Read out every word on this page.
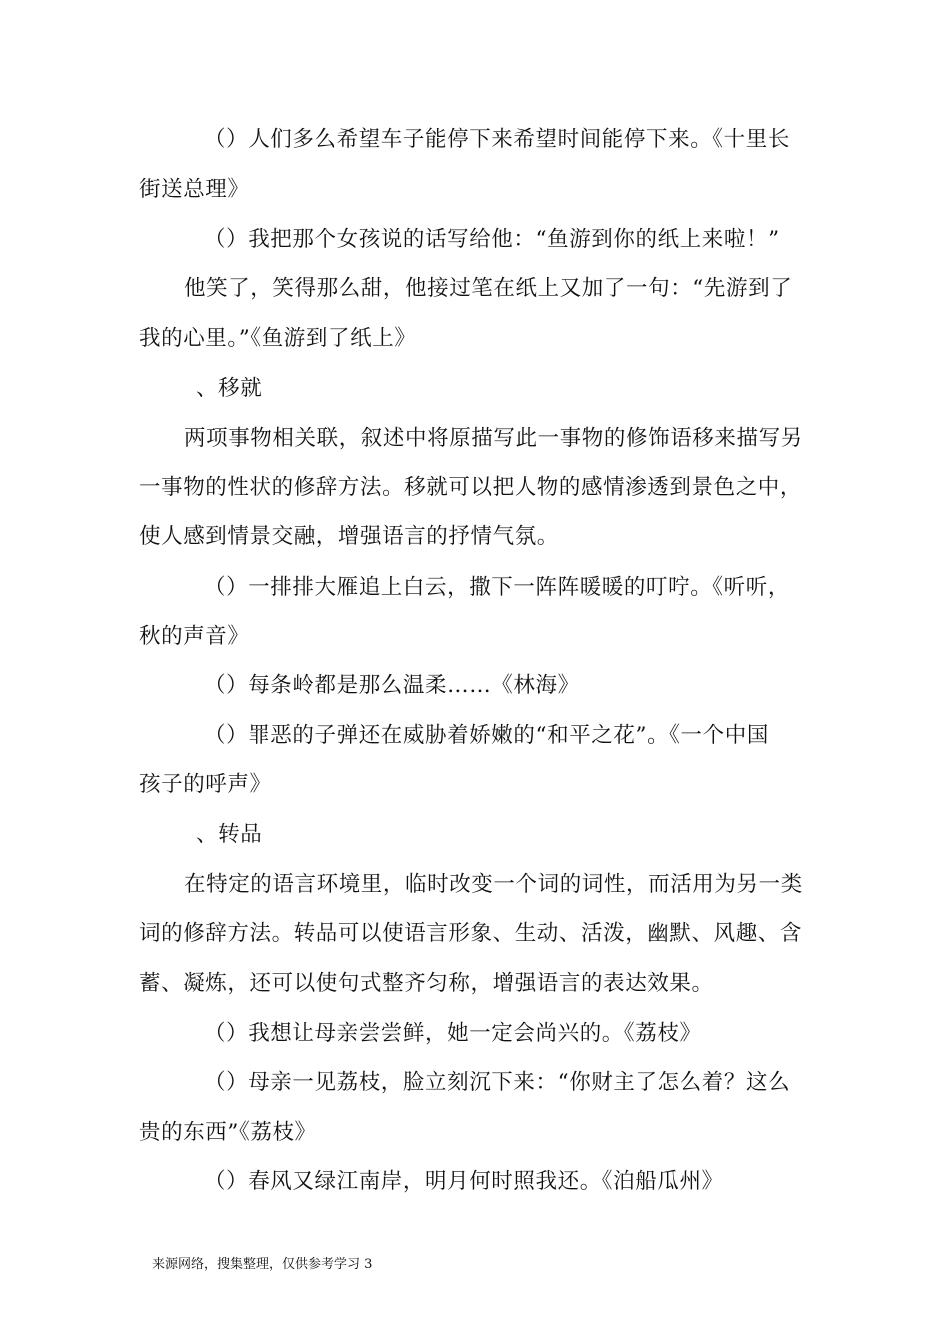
（）人们多么希望车子能停下来希望时间能停下来。《十里长
街送总理》
（）我把那个女孩说的话写给他：“鱼游到你的纸上来啦！”
他笑了，笑得那么甜，他接过笔在纸上又加了一句：“先游到了
我的心里。”《鱼游到了纸上》
、移就
两项事物相关联，叙述中将原描写此一事物的修饰语移来描写另
一事物的性状的修辞方法。移就可以把人物的感情渗透到景色之中，
使人感到情景交融，增强语言的抒情气氛。
（）一排排大雁追上白云，撒下一阵阵暖暖的叮咛。《听听，
秋的声音》
（）每条岭都是那么温柔……《林海》
（）罪恶的子弹还在威胁着娇嫩的“和平之花”。《一个中国
孩子的呼声》
、转品
在特定的语言环境里，临时改变一个词的词性，而活用为另一类
词的修辞方法。转品可以使语言形象、生动、活泼，幽默、风趣、含
蓄、凝炼，还可以使句式整齐匀称，增强语言的表达效果。
（）我想让母亲尝尝鲜，她一定会尚兴的。《荔枝》
（）母亲一见荔枝，脸立刻沉下来：“你财主了怎么着？这么
贵的东西”《荔枝》
（）春风又绿江南岸，明月何时照我还。《泊船瓜州》
来源网络，搜集整理，仅供参考学习 3
